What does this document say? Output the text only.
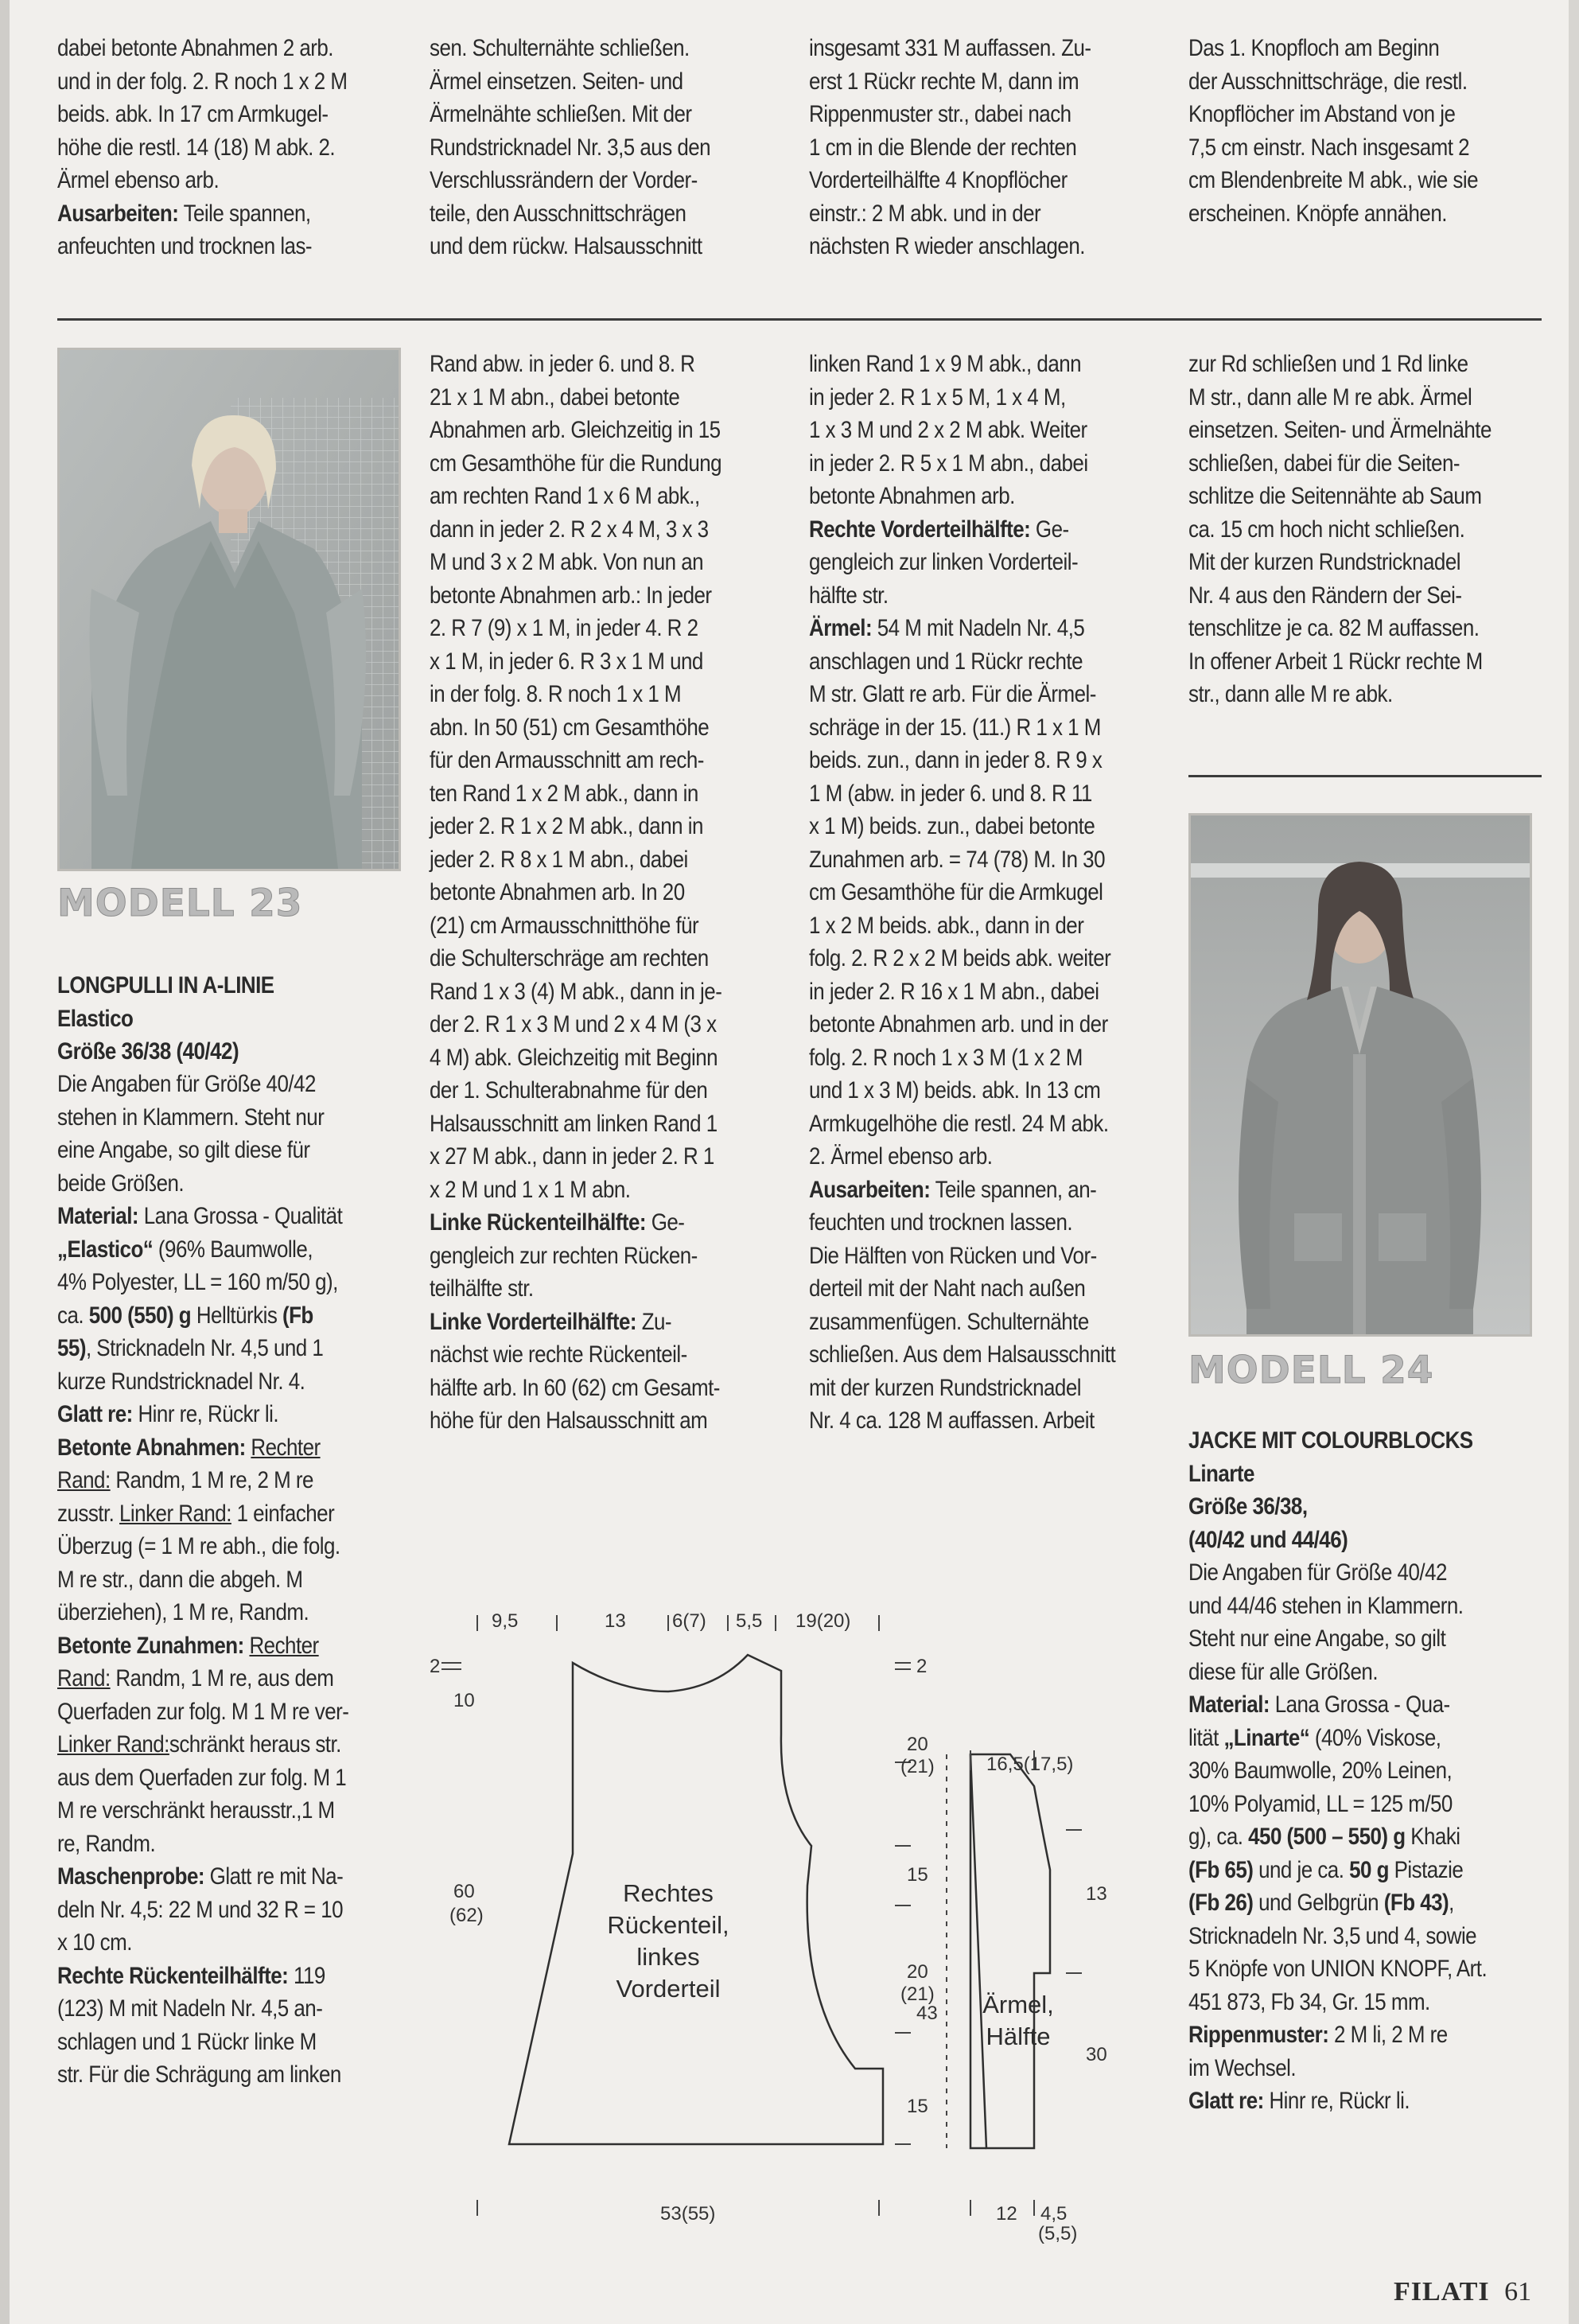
dabei betonte Abnahmen 2 arb.

und in der folg. 2. R noch 1 x 2 M

beids. abk. In 17 cm Armkugel-

höhe die restl. 14 (18) M abk. 2.

Ärmel ebenso arb.

Ausarbeiten: Teile spannen,

anfeuchten und trocknen las-

sen. Schulternähte schließen.

Ärmel einsetzen. Seiten- und

Ärmelnähte schließen. Mit der

Rundstricknadel Nr. 3,5 aus den

Verschlussrändern der Vorder-

teile, den Ausschnittschrägen

und dem rückw. Halsausschnitt

insgesamt 331 M auffassen. Zu-

erst 1 Rückr rechte M, dann im

Rippenmuster str., dabei nach

1 cm in die Blende der rechten

Vorderteilhälfte 4 Knopflöcher

einstr.: 2 M abk. und in der

nächsten R wieder anschlagen.

Das 1. Knopfloch am Beginn

der Ausschnittschräge, die restl.

Knopflöcher im Abstand von je

7,5 cm einstr. Nach insgesamt 2

cm Blendenbreite M abk., wie sie

erscheinen. Knöpfe annähen.

MODELL 23

LONGPULLI IN A-LINIE

Elastico

Größe 36/38 (40/42)

Die Angaben für Größe 40/42

stehen in Klammern. Steht nur

eine Angabe, so gilt diese für

beide Größen.

Material: Lana Grossa - Qualität

„Elastico“ (96% Baumwolle,

4% Polyester, LL = 160 m/50 g),

ca. 500 (550) g Helltürkis (Fb

55), Stricknadeln Nr. 4,5 und 1

kurze Rundstricknadel Nr. 4.

Glatt re: Hinr re, Rückr li.

Betonte Abnahmen: Rechter

Rand: Randm, 1 M re, 2 M re

zusstr. Linker Rand: 1 einfacher

Überzug (= 1 M re abh., die folg.

M re str., dann die abgeh. M

überziehen), 1 M re, Randm.

Betonte Zunahmen: Rechter

Rand: Randm, 1 M re, aus dem

Querfaden zur folg. M 1 M re ver-

Linker Rand:schränkt heraus str.

aus dem Querfaden zur folg. M 1

M re verschränkt herausstr.,1 M

re, Randm.

Maschenprobe: Glatt re mit Na-

deln Nr. 4,5: 22 M und 32 R = 10

x 10 cm.

Rechte Rückenteilhälfte: 119

(123) M mit Nadeln Nr. 4,5 an-

schlagen und 1 Rückr linke M

str. Für die Schrägung am linken

Rand abw. in jeder 6. und 8. R

21 x 1 M abn., dabei betonte

Abnahmen arb. Gleichzeitig in 15

cm Gesamthöhe für die Rundung

am rechten Rand 1 x 6 M abk.,

dann in jeder 2. R 2 x 4 M, 3 x 3

M und 3 x 2 M abk. Von nun an

betonte Abnahmen arb.: In jeder

2. R 7 (9) x 1 M, in jeder 4. R 2

x 1 M, in jeder 6. R 3 x 1 M und

in der folg. 8. R noch 1 x 1 M

abn. In 50 (51) cm Gesamthöhe

für den Armausschnitt am rech-

ten Rand 1 x 2 M abk., dann in

jeder 2. R 1 x 2 M abk., dann in

jeder 2. R 8 x 1 M abn., dabei

betonte Abnahmen arb. In 20

(21) cm Armausschnitthöhe für

die Schulterschräge am rechten

Rand 1 x 3 (4) M abk., dann in je-

der 2. R 1 x 3 M und 2 x 4 M (3 x

4 M) abk. Gleichzeitig mit Beginn

der 1. Schulterabnahme für den

Halsausschnitt am linken Rand 1

x 27 M abk., dann in jeder 2. R 1

x 2 M und 1 x 1 M abn.

Linke Rückenteilhälfte: Ge-

gengleich zur rechten Rücken-

teilhälfte str.

Linke Vorderteilhälfte: Zu-

nächst wie rechte Rückenteil-

hälfte arb. In 60 (62) cm Gesamt-

höhe für den Halsausschnitt am

linken Rand 1 x 9 M abk., dann

in jeder 2. R 1 x 5 M, 1 x 4 M,

1 x 3 M und 2 x 2 M abk. Weiter

in jeder 2. R 5 x 1 M abn., dabei

betonte Abnahmen arb.

Rechte Vorderteilhälfte: Ge-

gengleich zur linken Vorderteil-

hälfte str.

Ärmel: 54 M mit Nadeln Nr. 4,5

anschlagen und 1 Rückr rechte

M str. Glatt re arb. Für die Ärmel-

schräge in der 15. (11.) R 1 x 1 M

beids. zun., dann in jeder 8. R 9 x

1 M (abw. in jeder 6. und 8. R 11

x 1 M) beids. zun., dabei betonte

Zunahmen arb. = 74 (78) M. In 30

cm Gesamthöhe für die Armkugel

1 x 2 M beids. abk., dann in der

folg. 2. R 2 x 2 M beids abk. weiter

in jeder 2. R 16 x 1 M abn., dabei

betonte Abnahmen arb. und in der

folg. 2. R noch 1 x 3 M (1 x 2 M

und 1 x 3 M) beids. abk. In 13 cm

Armkugelhöhe die restl. 24 M abk.

2. Ärmel ebenso arb.

Ausarbeiten: Teile spannen, an-

feuchten und trocknen lassen.

Die Hälften von Rücken und Vor-

derteil mit der Naht nach außen

zusammenfügen. Schulternähte

schließen. Aus dem Halsausschnitt

mit der kurzen Rundstricknadel

Nr. 4 ca. 128 M auffassen. Arbeit

zur Rd schließen und 1 Rd linke

M str., dann alle M re abk. Ärmel

einsetzen. Seiten- und Ärmelnähte

schließen, dabei für die Seiten-

schlitze die Seitennähte ab Saum

ca. 15 cm hoch nicht schließen.

Mit der kurzen Rundstricknadel

Nr. 4 aus den Rändern der Sei-

tenschlitze je ca. 82 M auffassen.

In offener Arbeit 1 Rückr rechte M

str., dann alle M re abk.

MODELL 24

JACKE MIT COLOURBLOCKS

Linarte

Größe 36/38,

(40/42 und 44/46)

Die Angaben für Größe 40/42

und 44/46 stehen in Klammern.

Steht nur eine Angabe, so gilt

diese für alle Größen.

Material: Lana Grossa - Qua-

lität „Linarte“ (40% Viskose,

30% Baumwolle, 20% Leinen,

10% Polyamid, LL = 125 m/50

g), ca. 450 (500 – 550) g Khaki

(Fb 65) und je ca. 50 g Pistazie

(Fb 26) und Gelbgrün (Fb 43),

Stricknadeln Nr. 3,5 und 4, sowie

5 Knöpfe von UNION KNOPF, Art.

451 873, Fb 34, Gr. 15 mm.

Rippenmuster: 2 M li, 2 M re

im Wechsel.

Glatt re: Hinr re, Rückr li.

9,5	13 6(7) 5,5 19(20)
2
10
60
(62)
2
20
(21)
15
20
(21)
15
43
53(55)
16,5(17,5)
13
30
12 4,5
(5,5)
Rechtes
Rückenteil,
linkes
Vorderteil
Ärmel,
Hälfte
FILATI 61
